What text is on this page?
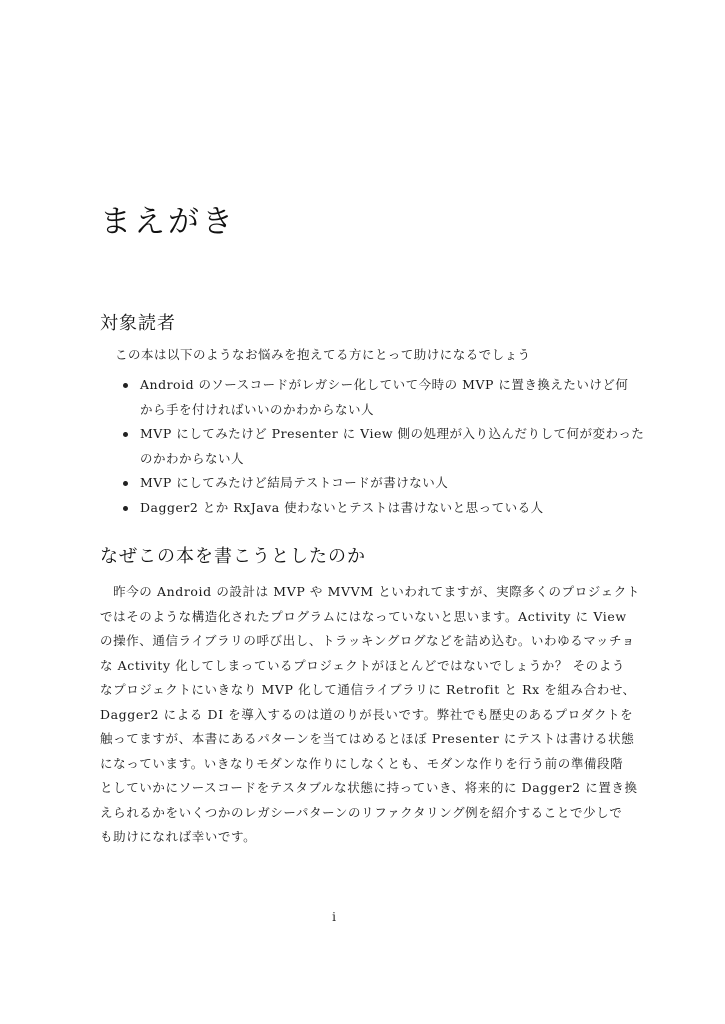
まえがき
対象読者

この本は以下のようなお悩みを抱えてる方にとって助けになるでしょう

Android のソースコードがレガシー化していて今時の MVP に置き換えたいけど何
から手を付ければいいのかわからない人
MVP にしてみたけど Presenter に View 側の処理が入り込んだりして何が変わった
のかわからない人
MVP にしてみたけど結局テストコードが書けない人
Dagger2 とか RxJava 使わないとテストは書けないと思っている人
なぜこの本を書こうとしたのか

　昨今の Android の設計は MVP や MVVM といわれてますが、実際多くのプロジェクト
ではそのような構造化されたプログラムにはなっていないと思います。Activity に View
の操作、通信ライブラリの呼び出し、トラッキングログなどを詰め込む。いわゆるマッチョ
な Activity 化してしまっているプロジェクトがほとんどではないでしょうか？ そのよう
なプロジェクトにいきなり MVP 化して通信ライブラリに Retrofit と Rx を組み合わせ、
Dagger2 による DI を導入するのは道のりが長いです。弊社でも歴史のあるプロダクトを
触ってますが、本書にあるパターンを当てはめるとほぼ Presenter にテストは書ける状態
になっています。いきなりモダンな作りにしなくとも、モダンな作りを行う前の準備段階
としていかにソースコードをテスタブルな状態に持っていき、将来的に Dagger2 に置き換
えられるかをいくつかのレガシーパターンのリファクタリング例を紹介することで少しで
も助けになれば幸いです。

i
